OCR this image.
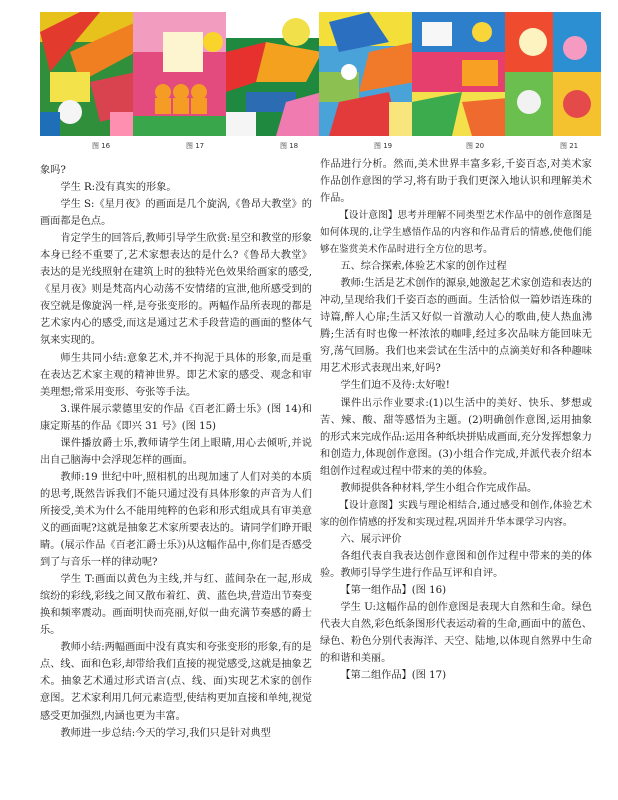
图 16	图 17	图 18	图 19	图 20	图 21

象吗?

学生 R:没有真实的形象。

学生 S:《星月夜》的画面是几个旋涡,《鲁昂大教堂》的画面都是色点。

肯定学生的回答后,教师引导学生欣赏:星空和教堂的形象本身已经不重要了,艺术家想表达的是什么?《鲁昂大教堂》表达的是光线照射在建筑上时的独特光色效果给画家的感受,《星月夜》则是梵高内心动荡不安情绪的宣泄,他所感受到的夜空就是像旋涡一样,是夸张变形的。两幅作品所表现的都是艺术家内心的感受,而这是通过艺术手段营造的画面的整体气氛来实现的。

师生共同小结:意象艺术,并不拘泥于具体的形象,而是重在表达艺术家主观的精神世界。即艺术家的感受、观念和审美理想;常采用变形、夸张等手法。

3.课件展示蒙德里安的作品《百老汇爵士乐》(图 14)和康定斯基的作品《即兴 31 号》(图 15)

课件播放爵士乐,教师请学生闭上眼睛,用心去倾听,并说出自己脑海中会浮现怎样的画面。

教师:19 世纪中叶,照相机的出现加速了人们对美的本质的思考,既然告诉我们不能只通过没有具体形象的声音为人们所接受,美术为什么不能用纯粹的色彩和形式组成具有审美意义的画面呢?这就是抽象艺术家所要表达的。请同学们睁开眼睛。(展示作品《百老汇爵士乐》)从这幅作品中,你们是否感受到了与音乐一样的律动呢?

学生 T:画面以黄色为主线,并与红、蓝间杂在一起,形成缤纷的彩线,彩线之间又散布着红、黄、蓝色块,营造出节奏变换和频率震动。画面明快而亮丽,好似一曲充满节奏感的爵士乐。

教师小结:两幅画面中没有真实和夸张变形的形象,有的是点、线、面和色彩,却带给我们直接的视觉感受,这就是抽象艺术。抽象艺术通过形式语言(点、线、面)实现艺术家的创作意图。艺术家利用几何元素造型,使结构更加直接和单纯,视觉感受更加强烈,内涵也更为丰富。

教师进一步总结:今天的学习,我们只是针对典型

作品进行分析。然而,美术世界丰富多彩,千姿百态,对美术家作品创作意图的学习,将有助于我们更深入地认识和理解美术作品。

【设计意图】思考并理解不同类型艺术作品中的创作意图是如何体现的,让学生感悟作品的内容和作品背后的情感,使他们能够在鉴赏美术作品时进行全方位的思考。

五、综合探索,体验艺术家的创作过程

教师:生活是艺术创作的源泉,她激起艺术家创造和表达的冲动,呈现给我们千姿百态的画面。生活恰似一篇妙语连珠的诗篇,醉人心扉;生活又好似一首激动人心的歌曲,使人热血沸腾;生活有时也像一杯浓浓的咖啡,经过多次品味方能回味无穷,荡气回肠。我们也来尝试在生活中的点滴美好和各种趣味用艺术形式表现出来,好吗?

学生们迫不及待:太好啦!

课件出示作业要求:(1)以生活中的美好、快乐、梦想或苦、辣、酸、甜等感悟为主题。(2)明确创作意图,运用抽象的形式来完成作品:运用各种纸块拼贴成画面,充分发挥想象力和创造力,体现创作意图。(3)小组合作完成,并派代表介绍本组创作过程或过程中带来的美的体验。

教师提供各种材料,学生小组合作完成作品。

【设计意图】实践与理论相结合,通过感受和创作,体验艺术家的创作情感的抒发和实现过程,巩固并升华本课学习内容。

六、展示评价

各组代表自我表达创作意图和创作过程中带来的美的体验。教师引导学生进行作品互评和自评。

【第一组作品】(图 16)

学生 U:这幅作品的创作意图是表现大自然和生命。绿色代表大自然,彩色纸条图形代表运动着的生命,画面中的蓝色、绿色、粉色分别代表海洋、天空、陆地,以体现自然界中生命的和谐和美丽。

【第二组作品】(图 17)
